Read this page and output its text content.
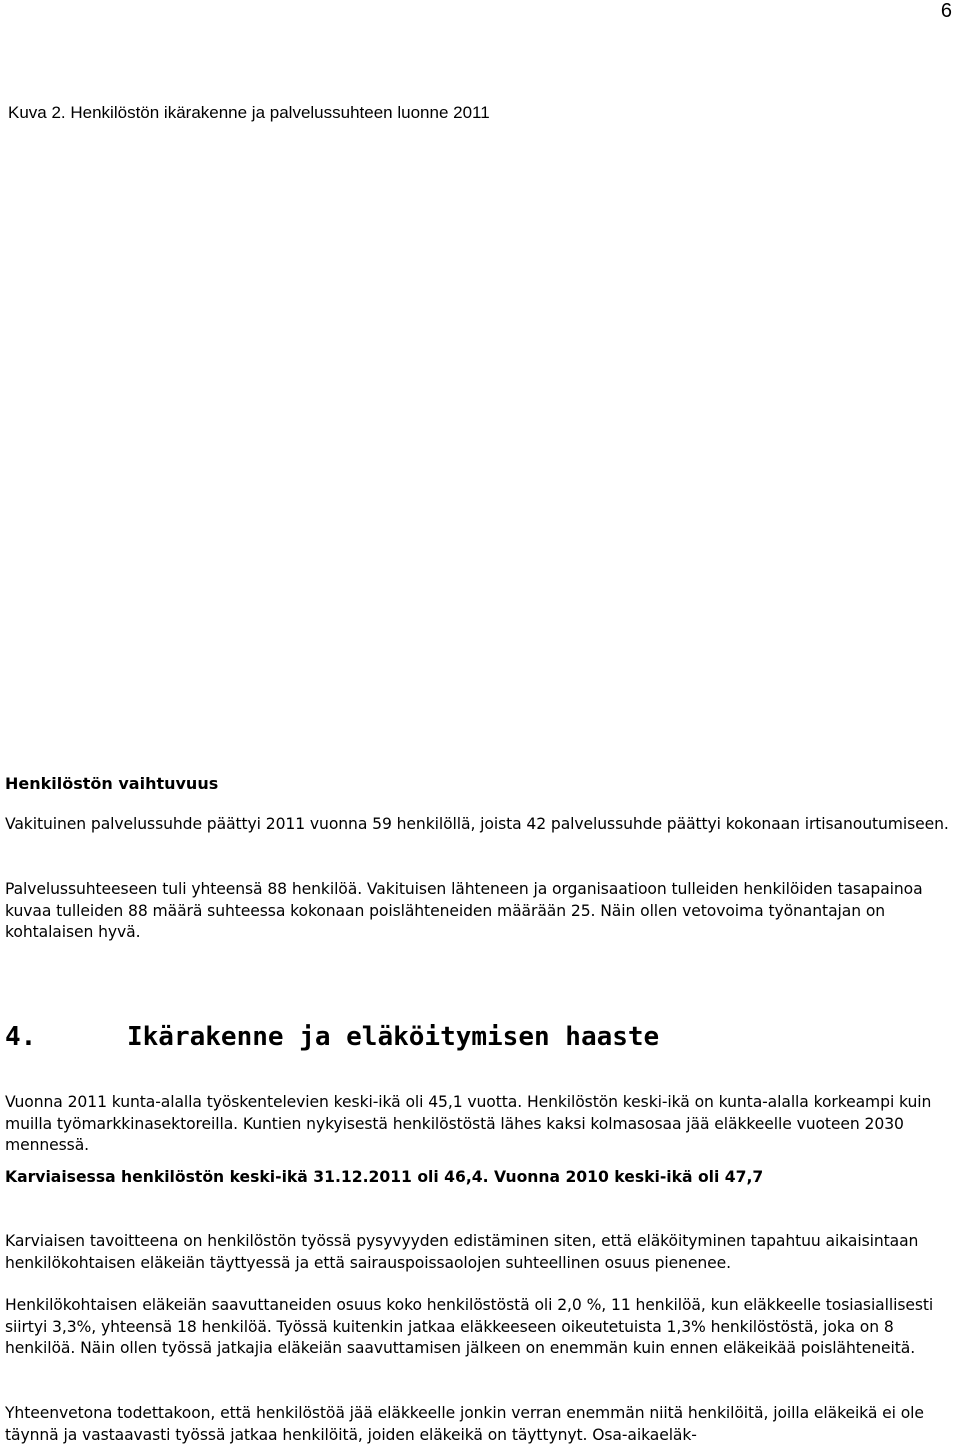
6
Kuva 2. Henkilöstön ikärakenne ja palvelussuhteen luonne 2011
Henkilöstön vaihtuvuus
Vakituinen palvelussuhde päättyi 2011 vuonna 59 henkilöllä, joista 42 palvelussuhde päättyi kokonaan irtisanoutumiseen.
Palvelussuhteeseen tuli yhteensä 88 henkilöä. Vakituisen lähteneen ja organisaatioon tulleiden henkilöiden tasapainoa kuvaa tulleiden 88 määrä suhteessa kokonaan poislähteneiden määrään 25. Näin ollen vetovoima työnantajan on kohtalaisen hyvä.
4.	Ikärakenne ja eläköitymisen haaste
Vuonna 2011 kunta-alalla työskentelevien keski-ikä oli 45,1 vuotta. Henkilöstön keski-ikä on kunta-alalla korkeampi kuin muilla työmarkkinasektoreilla. Kuntien nykyisestä henkilöstöstä lähes kaksi kolmasosaa jää eläkkeelle vuoteen 2030 mennessä.
Karviaisessa henkilöstön keski-ikä 31.12.2011 oli 46,4. Vuonna 2010 keski-ikä oli 47,7
Karviaisen tavoitteena on henkilöstön työssä pysyvyyden edistäminen siten, että eläköityminen tapahtuu aikaisintaan henkilökohtaisen eläkeiän täyttyessä ja että sairauspoissaolojen suhteellinen osuus pienenee.
Henkilökohtaisen eläkeiän saavuttaneiden osuus koko henkilöstöstä oli 2,0 %, 11 henkilöä, kun eläkkeelle tosiasiallisesti siirtyi 3,3%, yhteensä 18 henkilöä. Työssä kuitenkin jatkaa eläkkeeseen oikeutetuista 1,3% henkilöstöstä, joka on 8 henkilöä. Näin ollen työssä jatkajia eläkeiän saavuttamisen jälkeen on enemmän kuin ennen eläkeikää poislähteneitä.
Yhteenvetona todettakoon, että henkilöstöä jää eläkkeelle jonkin verran enemmän niitä henkilöitä, joilla eläkeikä ei ole täynnä ja vastaavasti työssä jatkaa henkilöitä, joiden eläkeikä on täyttynyt. Osa-aikaeläk-
